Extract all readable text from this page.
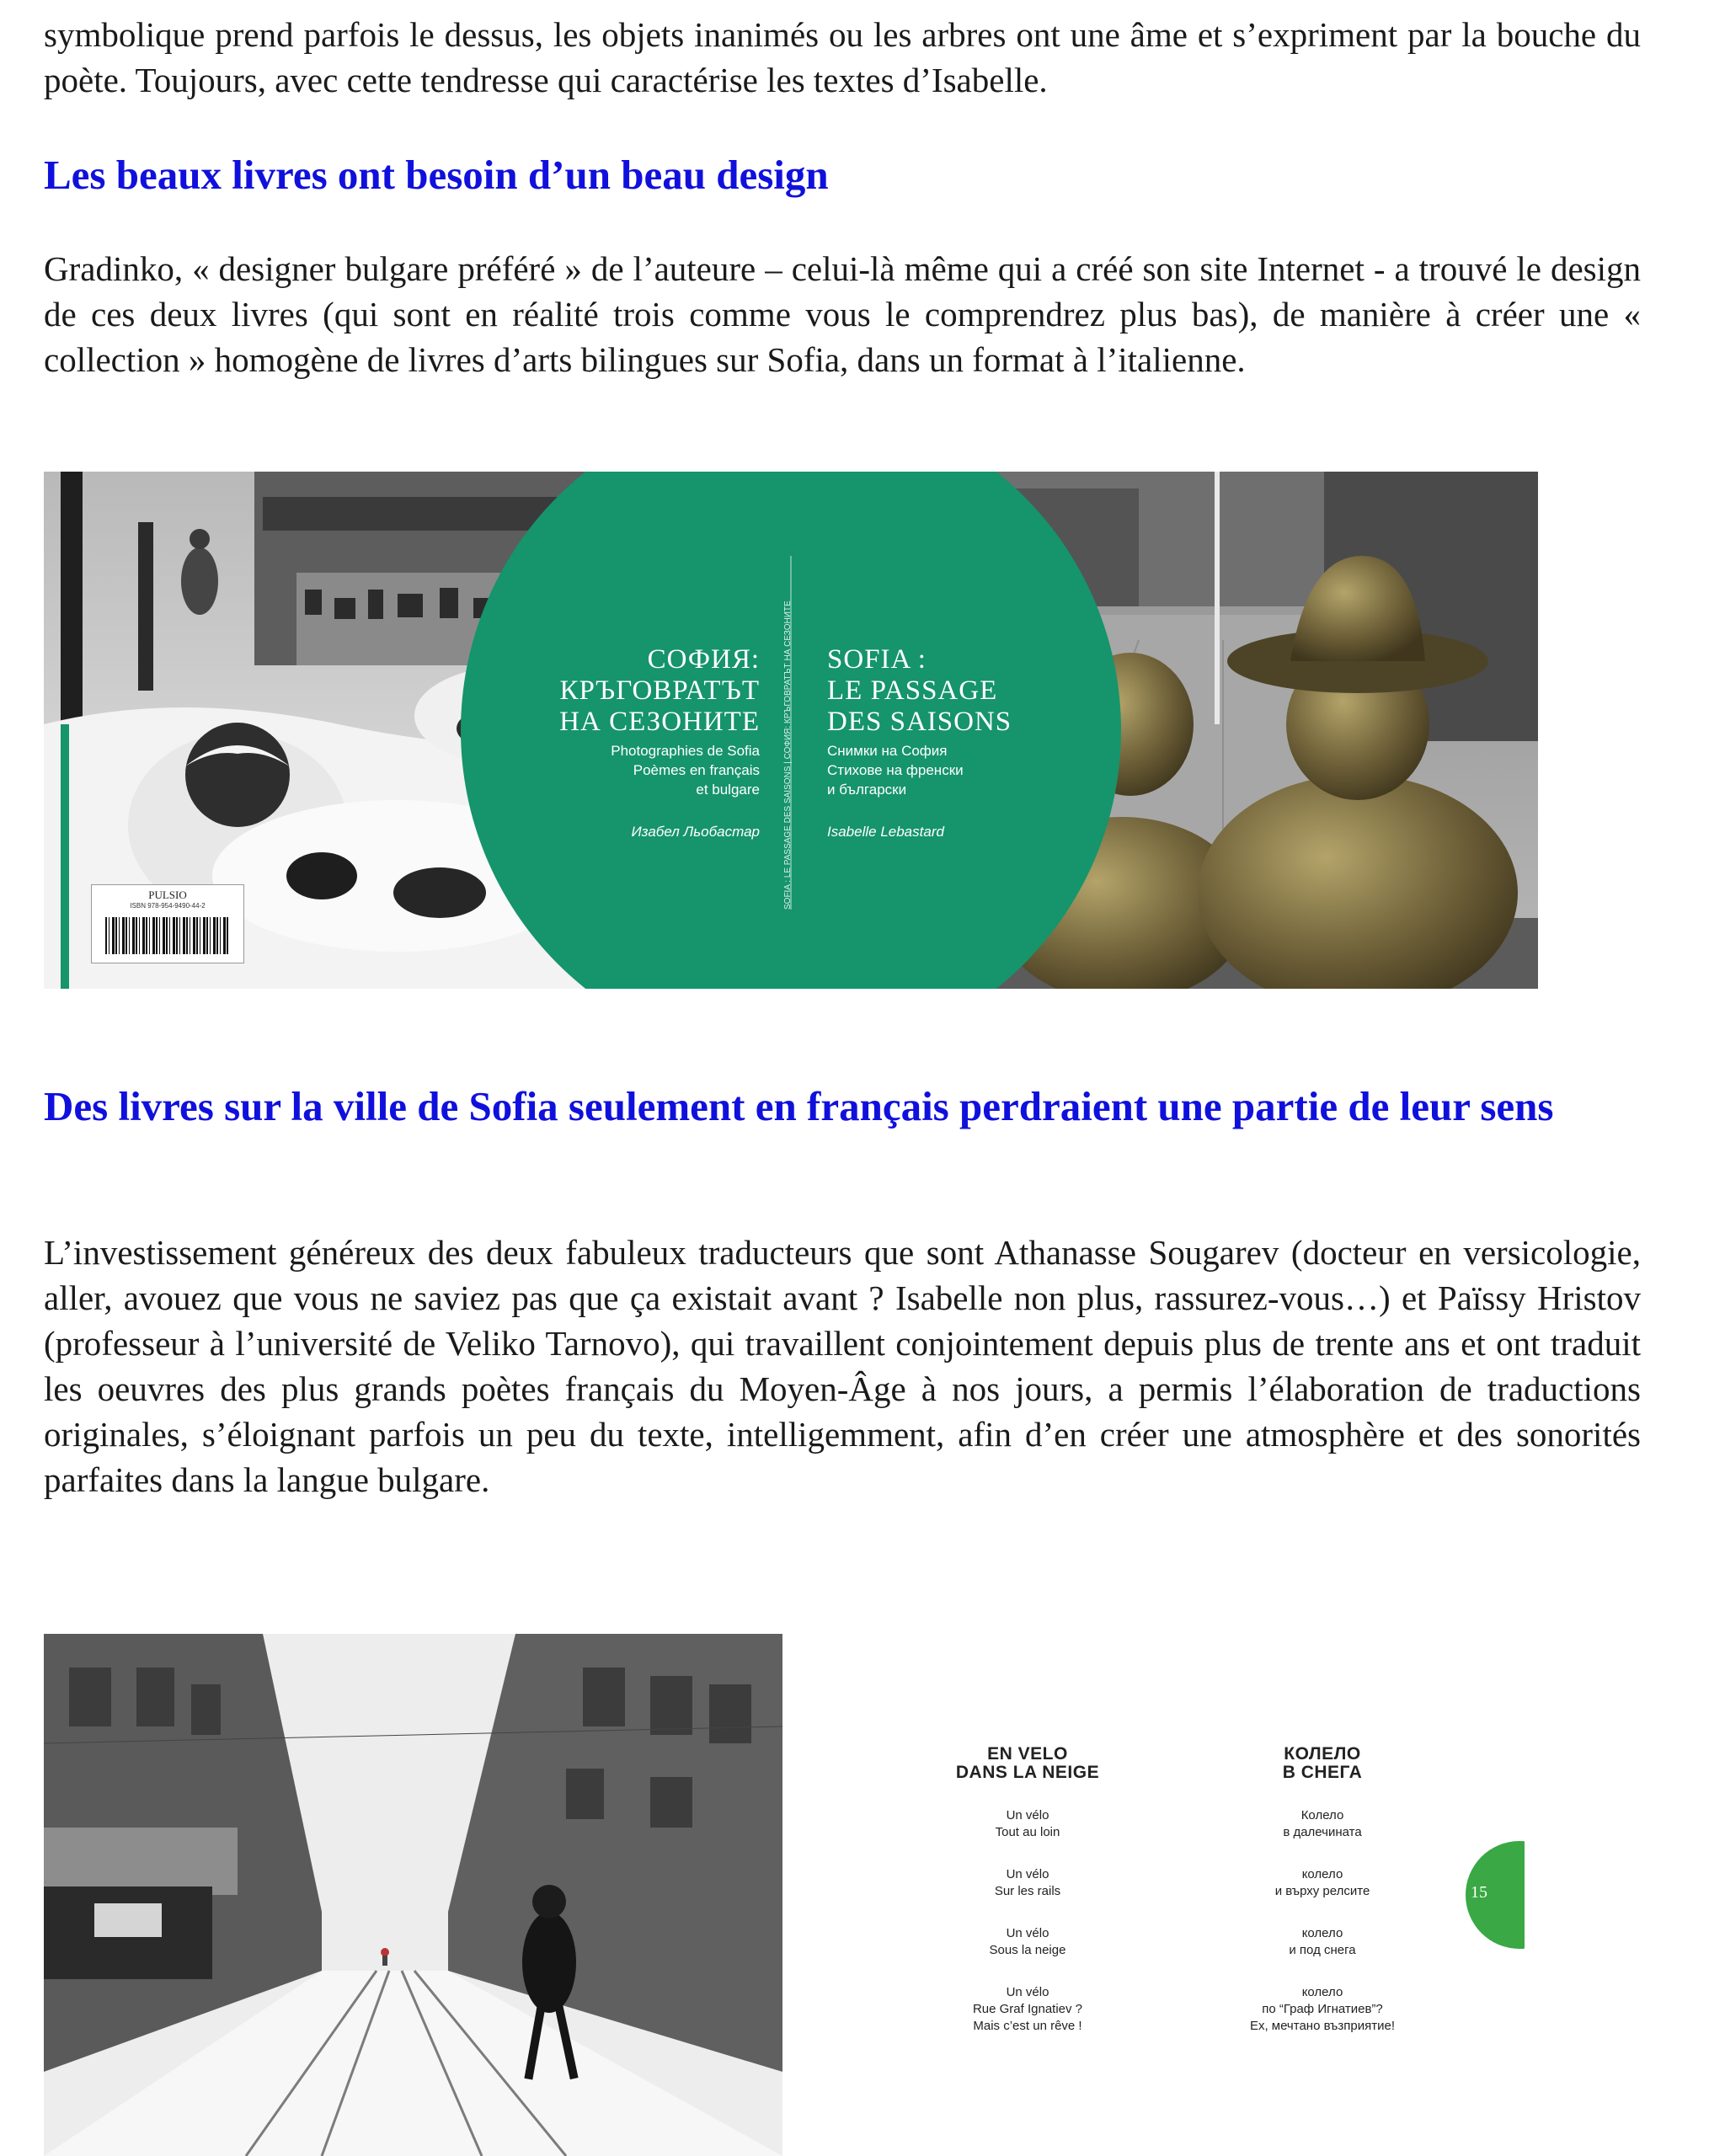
symbolique prend parfois le dessus, les objets inanimés ou les arbres ont une âme et s’expriment par la bouche du poète. Toujours, avec cette tendresse qui caractérise les textes d’Isabelle.

Les beaux livres ont besoin d’un beau design

Gradinko, « designer bulgare préféré » de l’auteure – celui-là même qui a créé son site Internet - a trouvé le design de ces deux livres (qui sont en réalité trois comme vous le comprendrez plus bas), de manière à créer une « collection » homogène de livres d’arts bilingues sur Sofia, dans un format à l’italienne.

SOFIA : LE PASSAGE DES SAISONS | СОФИЯ: КРЪГОВРАТЪТ НА СЕЗОНИТЕ
СОФИЯ:
КРЪГОВРАТЪТ
НА СЕЗОНИТЕ
Photographies de Sofia
Poèmes en français
et bulgare
Изабел Льобастар
SOFIA :
LE PASSAGE
DES SAISONS
Снимки на София
Стихове на френски
и български
Isabelle Lebastard
PULSIO
ISBN 978-954-9490-44-2
Des livres sur la ville de Sofia seulement en français perdraient une partie de leur sens

L’investissement généreux des deux fabuleux traducteurs que sont Athanasse Sougarev (docteur en versicologie, aller, avouez que vous ne saviez pas que ça existait avant ? Isabelle non plus, rassurez-vous…) et Païssy Hristov (professeur à l’université de Veliko Tarnovo), qui travaillent conjointement depuis plus de trente ans et ont traduit les oeuvres des plus grands poètes français du Moyen-Âge à nos jours, a permis l’élaboration de traductions originales, s’éloignant parfois un peu du texte, intelligemment, afin d’en créer une atmosphère et des sonorités parfaites dans la langue bulgare.

EN VELO
DANS LA NEIGE
Un vélo
Tout au loin
Un vélo
Sur les rails
Un vélo
Sous la neige
Un vélo
Rue Graf Ignatiev ?
Mais c’est un rêve !
КОЛЕЛО
В СНЕГА
Колело
в далечината
колело
и върху релсите
колело
и под снега
колело
по “Граф Игнатиев”?
Ех, мечтано възприятие!
15
